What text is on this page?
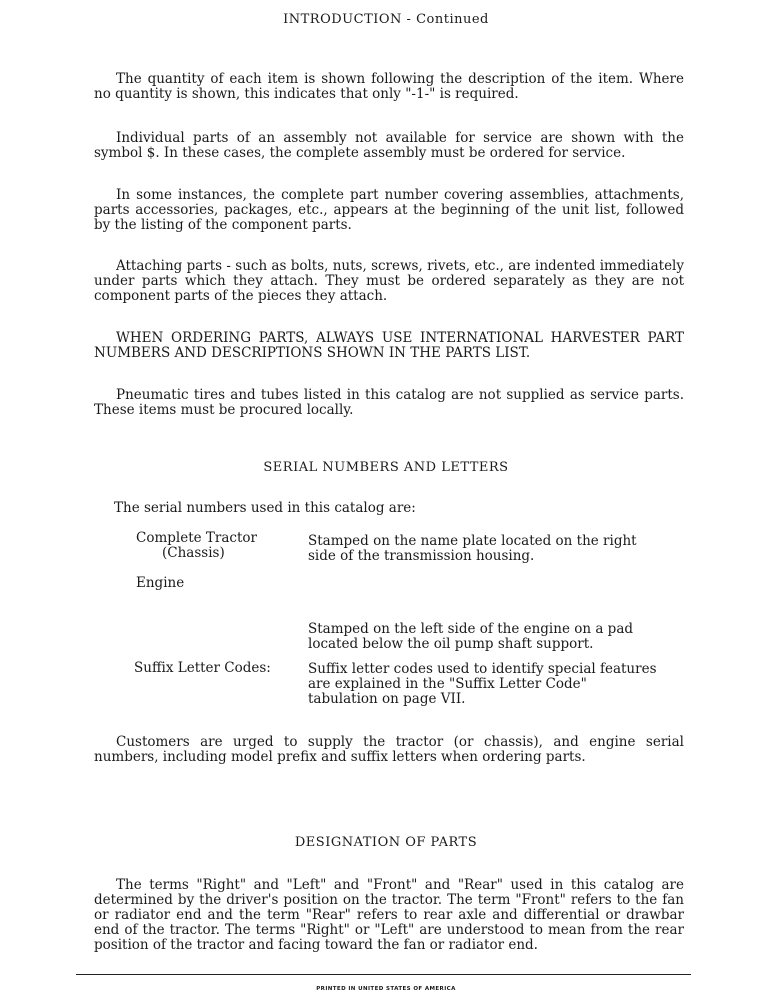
INTRODUCTION - Continued

The quantity of each item is shown following the description of the item. Where no quantity is shown, this indicates that only "-1-" is required.

Individual parts of an assembly not available for service are shown with the symbol $. In these cases, the complete assembly must be ordered for service.

In some instances, the complete part number covering assemblies, attachments, parts accessories, packages, etc., appears at the beginning of the unit list, followed by the listing of the component parts.

Attaching parts - such as bolts, nuts, screws, rivets, etc., are indented immediately under parts which they attach. They must be ordered separately as they are not component parts of the pieces they attach.

WHEN ORDERING PARTS, ALWAYS USE INTERNATIONAL HARVESTER PART NUMBERS AND DESCRIPTIONS SHOWN IN THE PARTS LIST.

Pneumatic tires and tubes listed in this catalog are not supplied as service parts. These items must be procured locally.

SERIAL NUMBERS AND LETTERS
The serial numbers used in this catalog are:
Complete Tractor
(Chassis)
Stamped on the name plate located on the right side of the transmission housing.
Engine
Stamped on the left side of the engine on a pad located below the oil pump shaft support.
Suffix Letter Codes:	Suffix letter codes used to identify special features are explained in the "Suffix Letter Code" tabulation on page VII.

Customers are urged to supply the tractor (or chassis), and engine serial numbers, including model prefix and suffix letters when ordering parts.

DESIGNATION OF PARTS

The terms "Right" and "Left" and "Front" and "Rear" used in this catalog are determined by the driver's position on the tractor. The term "Front" refers to the fan or radiator end and the term "Rear" refers to rear axle and differential or drawbar end of the tractor. The terms "Right" or "Left" are understood to mean from the rear position of the tractor and facing toward the fan or radiator end.

PRINTED IN UNITED STATES OF AMERICA
